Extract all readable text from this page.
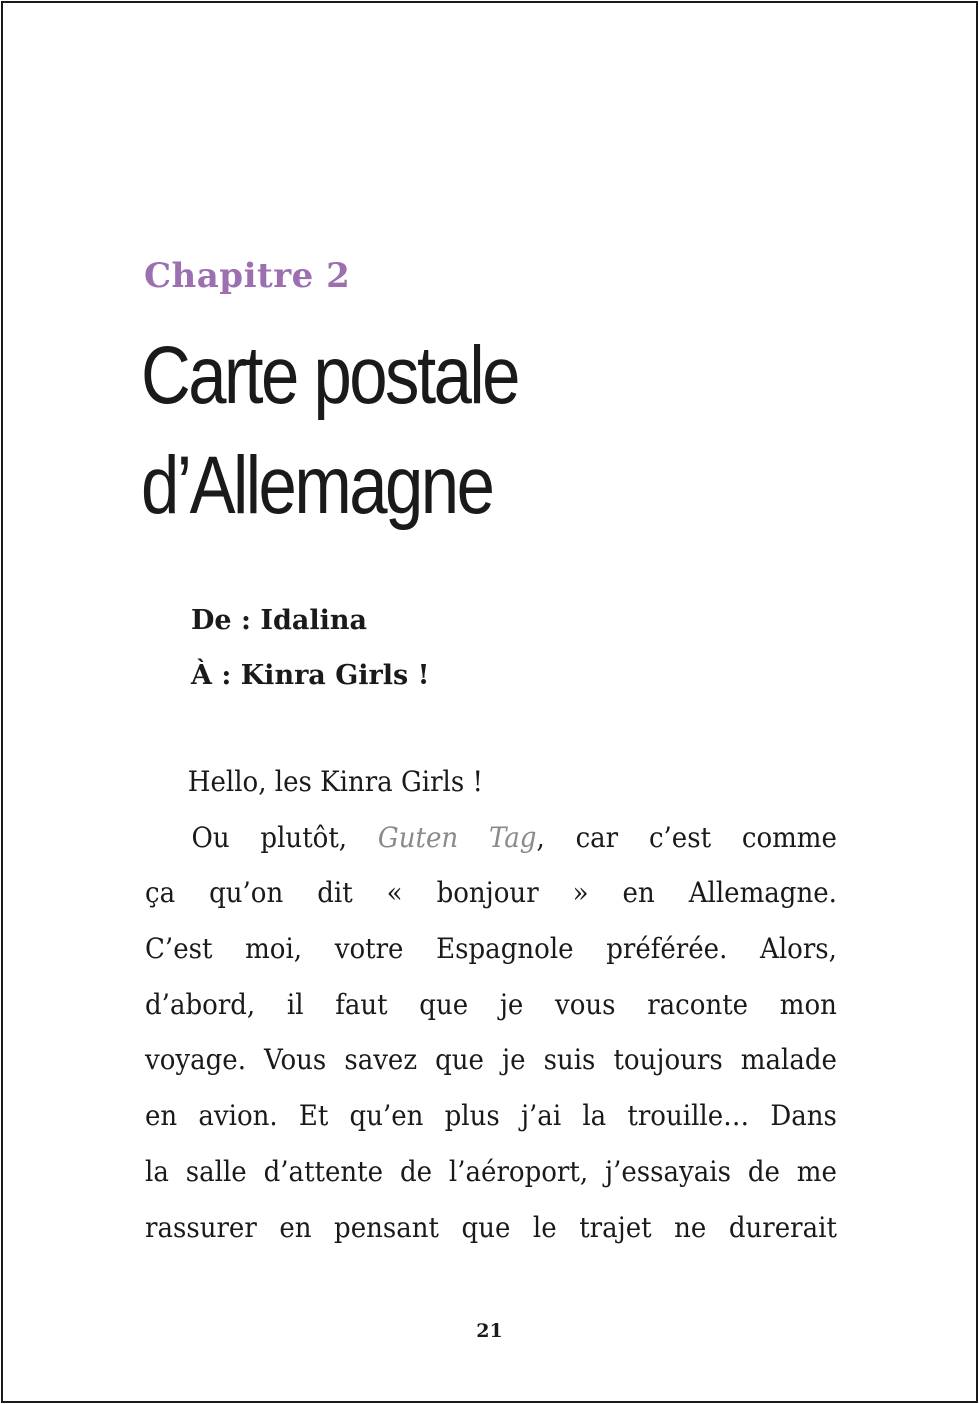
Chapitre 2
Carte postale
d’Allemagne
De : Idalina
À : Kinra Girls !
Hello, les Kinra Girls !
Ou plutôt, Guten Tag, car c’est comme
ça qu’on dit « bonjour » en Allemagne.
C’est moi, votre Espagnole préférée. Alors,
d’abord, il faut que je vous raconte mon
voyage. Vous savez que je suis toujours malade
en avion. Et qu’en plus j’ai la trouille… Dans
la salle d’attente de l’aéroport, j’essayais de me
rassurer en pensant que le trajet ne durerait
21
